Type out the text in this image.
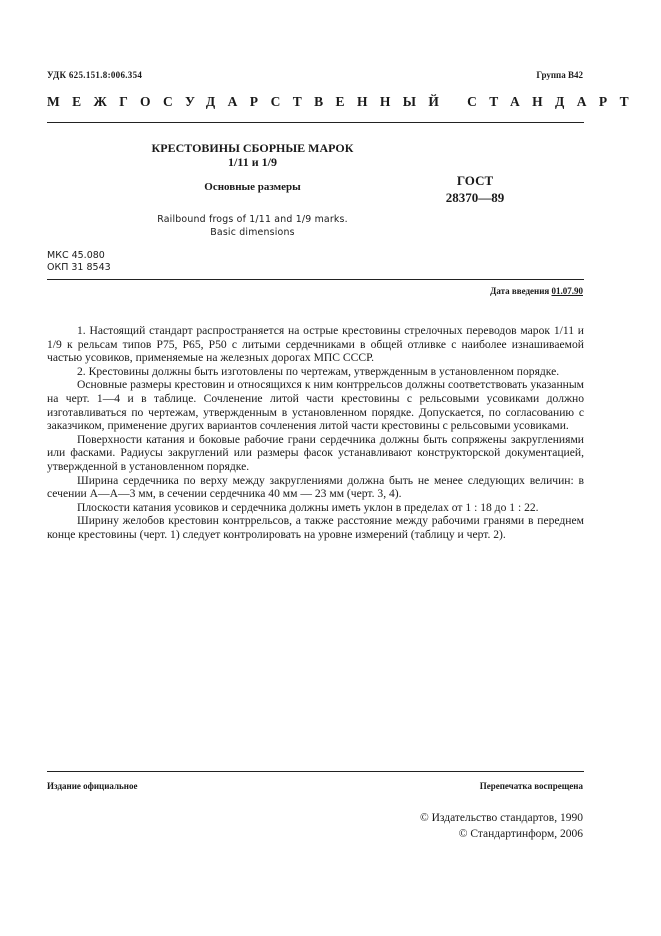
УДК 625.151.8:006.354	Группа В42
МЕЖГОСУДАРСТВЕННЫЙ СТАНДАРТ
КРЕСТОВИНЫ СБОРНЫЕ МАРОК
1/11 и 1/9
Основные размеры	ГОСТ
28370—89
Railbound frogs of 1/11 and 1/9 marks.
Basic dimensions
МКС 45.080
ОКП 31 8543
Дата введения 01.07.90

1. Настоящий стандарт распространяется на острые крестовины стрелочных переводов марок 1/11 и 1/9 к рельсам типов Р75, Р65, Р50 с литыми сердечниками в общей отливке с наиболее изнашиваемой частью усовиков, применяемые на железных дорогах МПС СССР.

2. Крестовины должны быть изготовлены по чертежам, утвержденным в установленном порядке.

Основные размеры крестовин и относящихся к ним контррельсов должны соответствовать указанным на черт. 1—4 и в таблице. Сочленение литой части крестовины с рельсовыми усовиками должно изготавливаться по чертежам, утвержденным в установленном порядке. Допускается, по согласованию с заказчиком, применение других вариантов сочленения литой части крестовины с рельсовыми усовиками.

Поверхности катания и боковые рабочие грани сердечника должны быть сопряжены закруглениями или фасками. Радиусы закруглений или размеры фасок устанавливают конструкторской документацией, утвержденной в установленном порядке.

Ширина сердечника по верху между закруглениями должна быть не менее следующих величин: в сечении А—А—3 мм, в сечении сердечника 40 мм — 23 мм (черт. 3, 4).

Плоскости катания усовиков и сердечника должны иметь уклон в пределах от 1 : 18 до 1 : 22.

Ширину желобов крестовин контррельсов, а также расстояние между рабочими гранями в переднем конце крестовины (черт. 1) следует контролировать на уровне измерений (таблицу и черт. 2).

Издание официальное	Перепечатка воспрещена
© Издательство стандартов, 1990
© Стандартинформ, 2006
